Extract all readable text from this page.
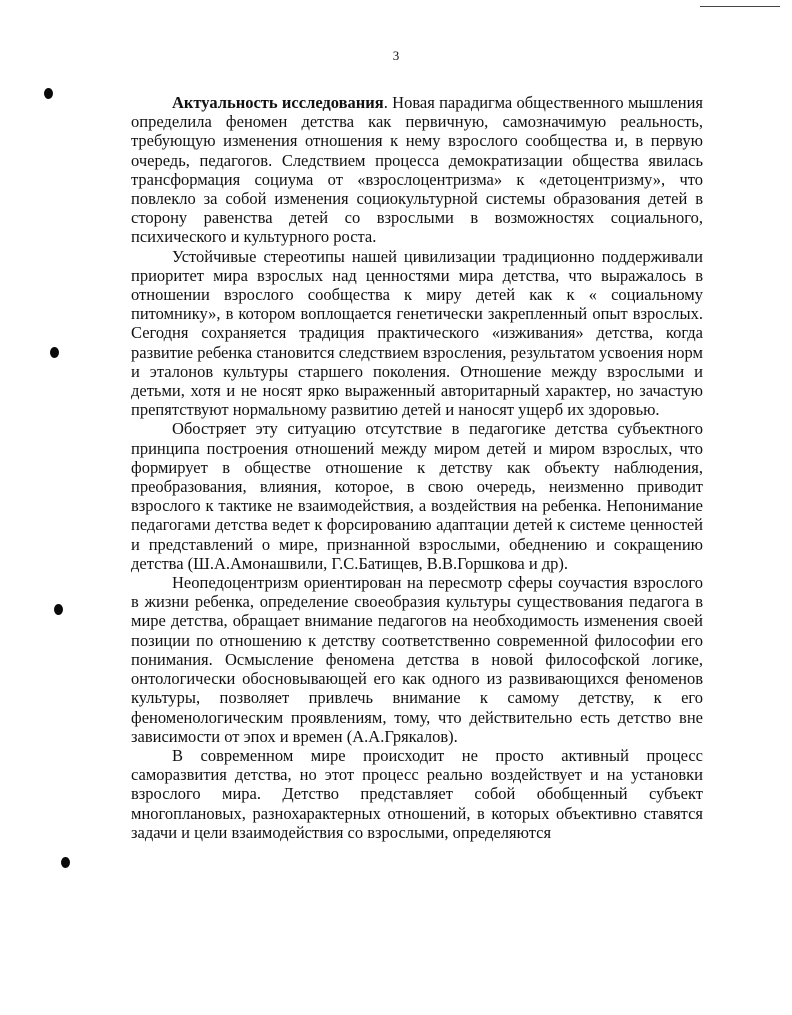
3

Актуальность исследования. Новая парадигма общественного мышления определила феномен детства как первичную, самозначимую реальность, требующую изменения отношения к нему взрослого сообщества и, в первую очередь, педагогов. Следствием процесса демократизации общества явилась трансформация социума от «взрослоцентризма» к «детоцентризму», что повлекло за собой изменения социокультурной системы образования детей в сторону равенства детей со взрослыми в возможностях социального, психического и культурного роста.

Устойчивые стереотипы нашей цивилизации традиционно поддерживали приоритет мира взрослых над ценностями мира детства, что выражалось в отношении взрослого сообщества к миру детей как к « социальному питомнику», в котором воплощается генетически закрепленный опыт взрослых. Сегодня сохраняется традиция практического «изживания» детства, когда развитие ребенка становится следствием взросления, результатом усвоения норм и эталонов культуры старшего поколения. Отношение между взрослыми и детьми, хотя и не носят ярко выраженный авторитарный характер, но зачастую препятствуют нормальному развитию детей и наносят ущерб их здоровью.

Обостряет эту ситуацию отсутствие в педагогике детства субъектного принципа построения отношений между миром детей и миром взрослых, что формирует в обществе отношение к детству как объекту наблюдения, преобразования, влияния, которое, в свою очередь, неизменно приводит взрослого к тактике не взаимодействия, а воздействия на ребенка. Непонимание педагогами детства ведет к форсированию адаптации детей к системе ценностей и представлений о мире, признанной взрослыми, обеднению и сокращению детства (Ш.А.Амонашвили, Г.С.Батищев, В.В.Горшкова и др).

Неопедоцентризм ориентирован на пересмотр сферы соучастия взрослого в жизни ребенка, определение своеобразия культуры существования педагога в мире детства, обращает внимание педагогов на необходимость изменения своей позиции по отношению к детству соответственно современной философии его понимания. Осмысление феномена детства в новой философской логике, онтологически обосновывающей его как одного из развивающихся феноменов культуры, позволяет привлечь внимание к самому детству, к его феноменологическим проявлениям, тому, что действительно есть детство вне зависимости от эпох и времен (А.А.Грякалов).

В современном мире происходит не просто активный процесс саморазвития детства, но этот процесс реально воздействует и на установки взрослого мира. Детство представляет собой обобщенный субъект многоплановых, разнохарактерных отношений, в которых объективно ставятся задачи и цели взаимодействия со взрослыми, определяются
